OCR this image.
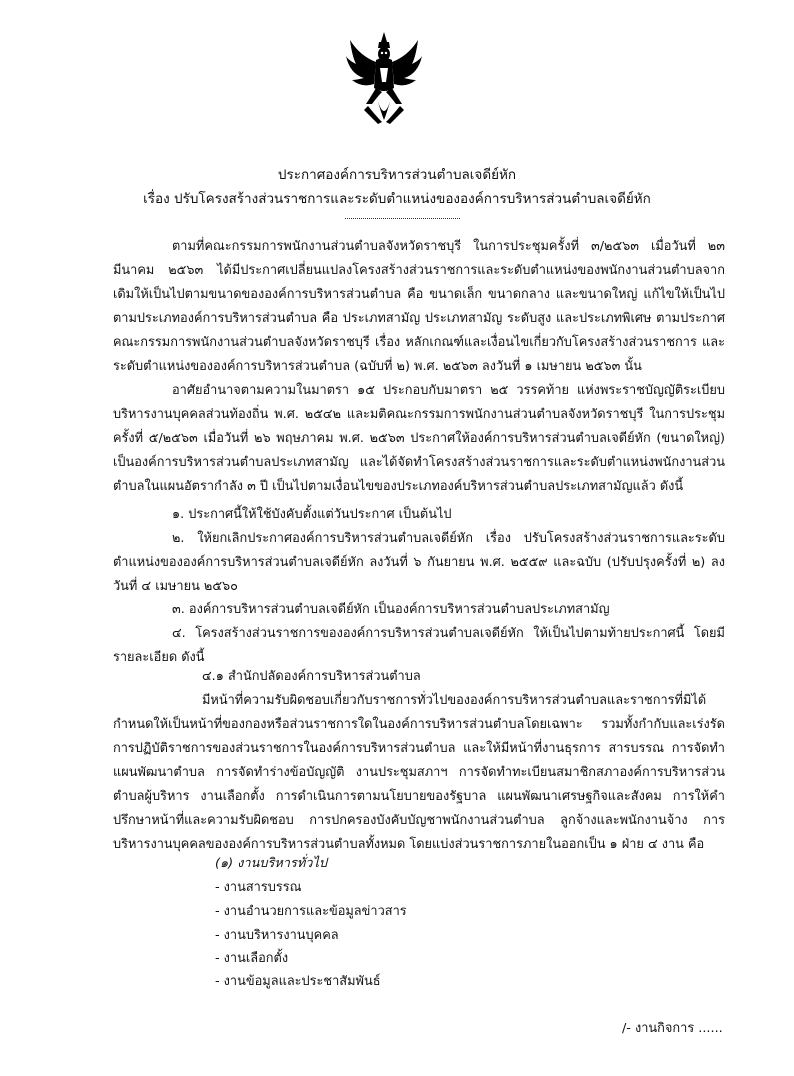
ประกาศองค์การบริหารส่วนตำบลเจดีย์หัก
เรื่อง ปรับโครงสร้างส่วนราชการและระดับตำแหน่งขององค์การบริหารส่วนตำบลเจดีย์หัก
ตามที่คณะกรรมการพนักงานส่วนตำบลจังหวัดราชบุรี ในการประชุมครั้งที่ ๓/๒๕๖๓ เมื่อวันที่ ๒๓ มีนาคม ๒๕๖๓ ได้มีประกาศเปลี่ยนแปลงโครงสร้างส่วนราชการและระดับตำแหน่งของพนักงานส่วนตำบลจากเดิมให้เป็นไปตามขนาดขององค์การบริหารส่วนตำบล คือ ขนาดเล็ก ขนาดกลาง และขนาดใหญ่ แก้ไขให้เป็นไปตามประเภทองค์การบริหารส่วนตำบล คือ ประเภทสามัญ ประเภทสามัญ ระดับสูง และประเภทพิเศษ ตามประกาศคณะกรรมการพนักงานส่วนตำบลจังหวัดราชบุรี เรื่อง หลักเกณฑ์และเงื่อนไขเกี่ยวกับโครงสร้างส่วนราชการ และระดับตำแหน่งขององค์การบริหารส่วนตำบล (ฉบับที่ ๒) พ.ศ. ๒๕๖๓ ลงวันที่ ๑ เมษายน ๒๕๖๓ นั้น
อาศัยอำนาจตามความในมาตรา ๑๕ ประกอบกับมาตรา ๒๕ วรรคท้าย แห่งพระราชบัญญัติระเบียบบริหารงานบุคคลส่วนท้องถิ่น พ.ศ. ๒๕๔๒ และมติคณะกรรมการพนักงานส่วนตำบลจังหวัดราชบุรี ในการประชุมครั้งที่ ๕/๒๕๖๓ เมื่อวันที่ ๒๖ พฤษภาคม พ.ศ. ๒๕๖๓ ประกาศให้องค์การบริหารส่วนตำบลเจดีย์หัก (ขนาดใหญ่) เป็นองค์การบริหารส่วนตำบลประเภทสามัญ และได้จัดทำโครงสร้างส่วนราชการและระดับตำแหน่งพนักงานส่วนตำบลในแผนอัตรากำลัง ๓ ปี เป็นไปตามเงื่อนไขของประเภทองค์บริหารส่วนตำบลประเภทสามัญแล้ว ดังนี้
๑. ประกาศนี้ให้ใช้บังคับตั้งแต่วันประกาศ เป็นต้นไป
๒. ให้ยกเลิกประกาศองค์การบริหารส่วนตำบลเจดีย์หัก เรื่อง ปรับโครงสร้างส่วนราชการและระดับตำแหน่งขององค์การบริหารส่วนตำบลเจดีย์หัก ลงวันที่ ๖ กันยายน พ.ศ. ๒๕๕๙ และฉบับ (ปรับปรุงครั้งที่ ๒) ลงวันที่ ๔ เมษายน ๒๕๖๐
๓. องค์การบริหารส่วนตำบลเจดีย์หัก เป็นองค์การบริหารส่วนตำบลประเภทสามัญ
๔. โครงสร้างส่วนราชการขององค์การบริหารส่วนตำบลเจดีย์หัก ให้เป็นไปตามท้ายประกาศนี้ โดยมีรายละเอียด ดังนี้
๔.๑ สำนักปลัดองค์การบริหารส่วนตำบล
มีหน้าที่ความรับผิดชอบเกี่ยวกับราชการทั่วไปขององค์การบริหารส่วนตำบลและราชการที่มิได้กำหนดให้เป็นหน้าที่ของกองหรือส่วนราชการใดในองค์การบริหารส่วนตำบลโดยเฉพาะ รวมทั้งกำกับและเร่งรัดการปฏิบัติราชการของส่วนราชการในองค์การบริหารส่วนตำบล และให้มีหน้าที่งานธุรการ สารบรรณ การจัดทำแผนพัฒนาตำบล การจัดทำร่างข้อบัญญัติ งานประชุมสภาฯ การจัดทำทะเบียนสมาชิกสภาองค์การบริหารส่วนตำบลผู้บริหาร งานเลือกตั้ง การดำเนินการตามนโยบายของรัฐบาล แผนพัฒนาเศรษฐกิจและสังคม การให้คำปรึกษาหน้าที่และความรับผิดชอบ การปกครองบังคับบัญชาพนักงานส่วนตำบล ลูกจ้างและพนักงานจ้าง การบริหารงานบุคคลขององค์การบริหารส่วนตำบลทั้งหมด โดยแบ่งส่วนราชการภายในออกเป็น ๑ ฝ่าย ๔ งาน คือ
(๑) งานบริหารทั่วไป
- งานสารบรรณ
- งานอำนวยการและข้อมูลข่าวสาร
- งานบริหารงานบุคคล
- งานเลือกตั้ง
- งานข้อมูลและประชาสัมพันธ์
/- งานกิจการ ......
